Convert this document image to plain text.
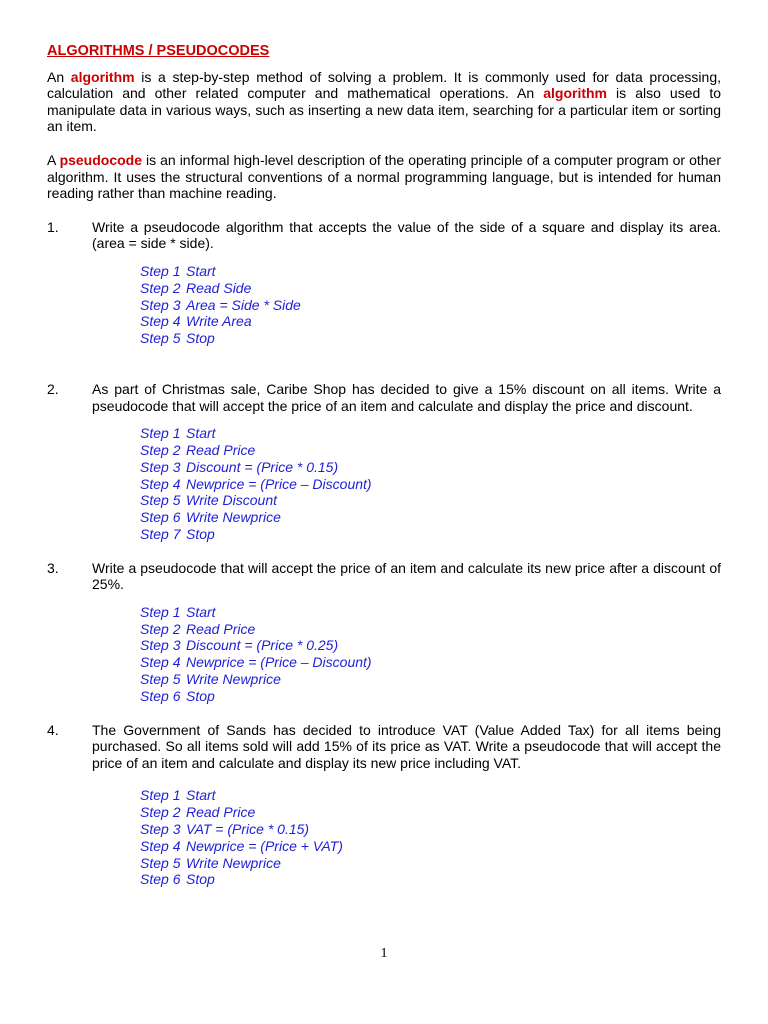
ALGORITHMS / PSEUDOCODES

An algorithm is a step-by-step method of solving a problem. It is commonly used for data processing, calculation and other related computer and mathematical operations. An algorithm is also used to manipulate data in various ways, such as inserting a new data item, searching for a particular item or sorting an item.

A pseudocode is an informal high-level description of the operating principle of a computer program or other algorithm. It uses the structural conventions of a normal programming language, but is intended for human reading rather than machine reading.

1.	Write a pseudocode algorithm that accepts the value of the side of a square and display its area. (area = side * side).
Step 1 Start
Step 2 Read Side
Step 3 Area = Side * Side
Step 4 Write Area
Step 5 Stop
2.	As part of Christmas sale, Caribe Shop has decided to give a 15% discount on all items. Write a pseudocode that will accept the price of an item and calculate and display the price and discount.
Step 1 Start
Step 2 Read Price
Step 3 Discount = (Price * 0.15)
Step 4 Newprice = (Price – Discount)
Step 5 Write Discount
Step 6 Write Newprice
Step 7 Stop
3.	Write a pseudocode that will accept the price of an item and calculate its new price after a discount of 25%.
Step 1 Start
Step 2 Read Price
Step 3 Discount = (Price * 0.25)
Step 4 Newprice = (Price – Discount)
Step 5 Write Newprice
Step 6 Stop
4.	The Government of Sands has decided to introduce VAT (Value Added Tax) for all items being purchased. So all items sold will add 15% of its price as VAT. Write a pseudocode that will accept the price of an item and calculate and display its new price including VAT.
Step 1 Start
Step 2 Read Price
Step 3 VAT = (Price * 0.15)
Step 4 Newprice = (Price + VAT)
Step 5 Write Newprice
Step 6 Stop
1
